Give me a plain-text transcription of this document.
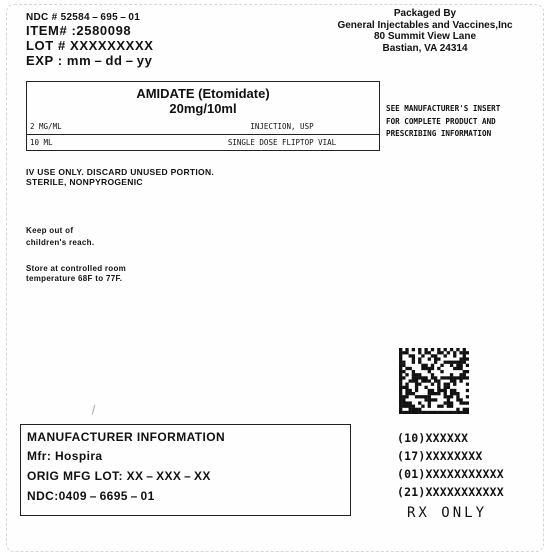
NDC # 52584 – 695 – 01
ITEM# :2580098
LOT # XXXXXXXXX
EXP : mm – dd – yy
Packaged By
General Injectables and Vaccines,Inc
80 Summit View Lane
Bastian, VA 24314
AMIDATE (Etomidate)
20mg/10ml
2 MG/ML	INJECTION, USP
10 ML	SINGLE DOSE FLIPTOP VIAL
SEE MANUFACTURER'S INSERT
FOR COMPLETE PRODUCT AND
PRESCRIBING INFORMATION
IV USE ONLY. DISCARD UNUSED PORTION.
STERILE, NONPYROGENIC
Keep out of
children's reach.
Store at controlled room
temperature 68F to 77F.
MANUFACTURER INFORMATION
Mfr: Hospira
ORIG MFG LOT: XX – XXX – XX
NDC:0409 – 6695 – 01
(10)XXXXXX
(17)XXXXXXXX
(01)XXXXXXXXXXX
(21)XXXXXXXXXXX
RX ONLY
